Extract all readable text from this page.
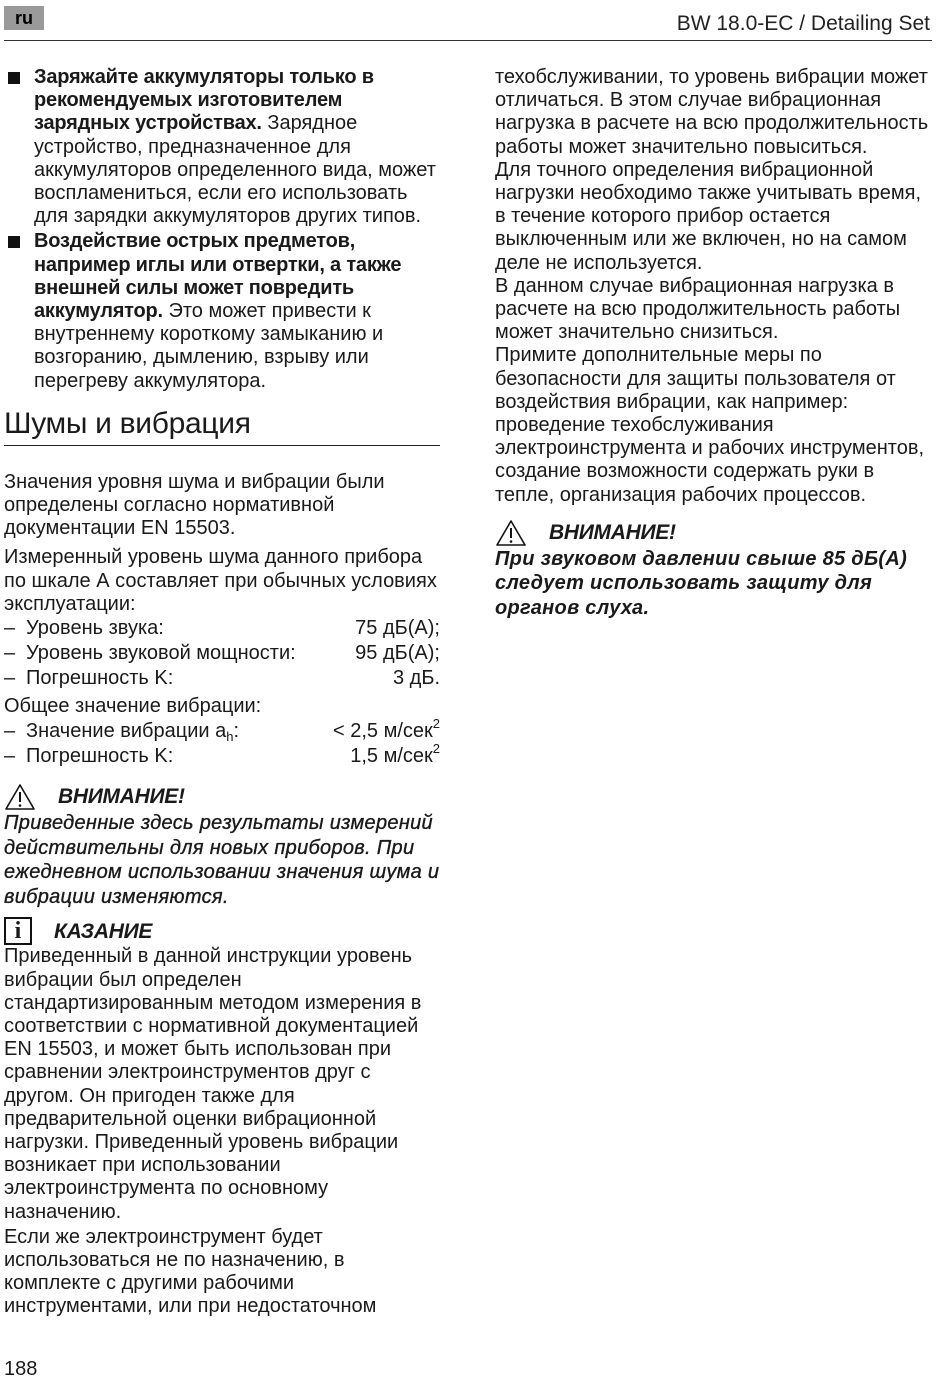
ru	BW 18.0-EC / Detailing Set

Заряжайте аккумуляторы только в рекомендуемых изготовителем зарядных устройствах. Зарядное устройство, предназначенное для аккумуляторов определенного вида, может воспламениться, если его использовать для зарядки аккумуляторов других типов.

Воздействие острых предметов, например иглы или отвертки, а также внешней силы может повредить аккумулятор. Это может привести к внутреннему короткому замыканию и возгоранию, дымлению, взрыву или перегреву аккумулятора.

Шумы и вибрация

Значения уровня шума и вибрации были определены согласно нормативной документации EN 15503.

Измеренный уровень шума данного прибора по шкале А составляет при обычных условиях эксплуатации:

– Уровень звука:	75 дБ(A);
– Уровень звуковой мощности:	95 дБ(A);
– Погрешность K:	3 дБ.

Общее значение вибрации:

– Значение вибрации $a_h$:	< 2,5 м/сек$^2$
– Погрешность K:	1,5 м/сек$^2$
ВНИМАНИЕ!

Приведенные здесь результаты измерений действительны для новых приборов. При ежедневном использовании значения шума и вибрации изменяются.

i	КАЗАНИЕ

Приведенный в данной инструкции уровень вибрации был определен стандартизированным методом измерения в соответствии с нормативной документацией EN 15503, и может быть использован при сравнении электроинструментов друг с другом. Он пригоден также для предварительной оценки вибрационной нагрузки. Приведенный уровень вибрации возникает при использовании электроинструмента по основному назначению.

Если же электроинструмент будет использоваться не по назначению, в комплекте с другими рабочими инструментами, или при недостаточном

техобслуживании, то уровень вибрации может отличаться. В этом случае вибрационная нагрузка в расчете на всю продолжительность работы может значительно повыситься.

Для точного определения вибрационной нагрузки необходимо также учитывать время, в течение которого прибор остается выключенным или же включен, но на самом деле не используется.

В данном случае вибрационная нагрузка в расчете на всю продолжительность работы может значительно снизиться.

Примите дополнительные меры по безопасности для защиты пользователя от воздействия вибрации, как например: проведение техобслуживания электроинструмента и рабочих инструментов, создание возможности содержать руки в тепле, организация рабочих процессов.

ВНИМАНИЕ!

При звуковом давлении свыше 85 дБ(A) следует использовать защиту для органов слуха.

188
